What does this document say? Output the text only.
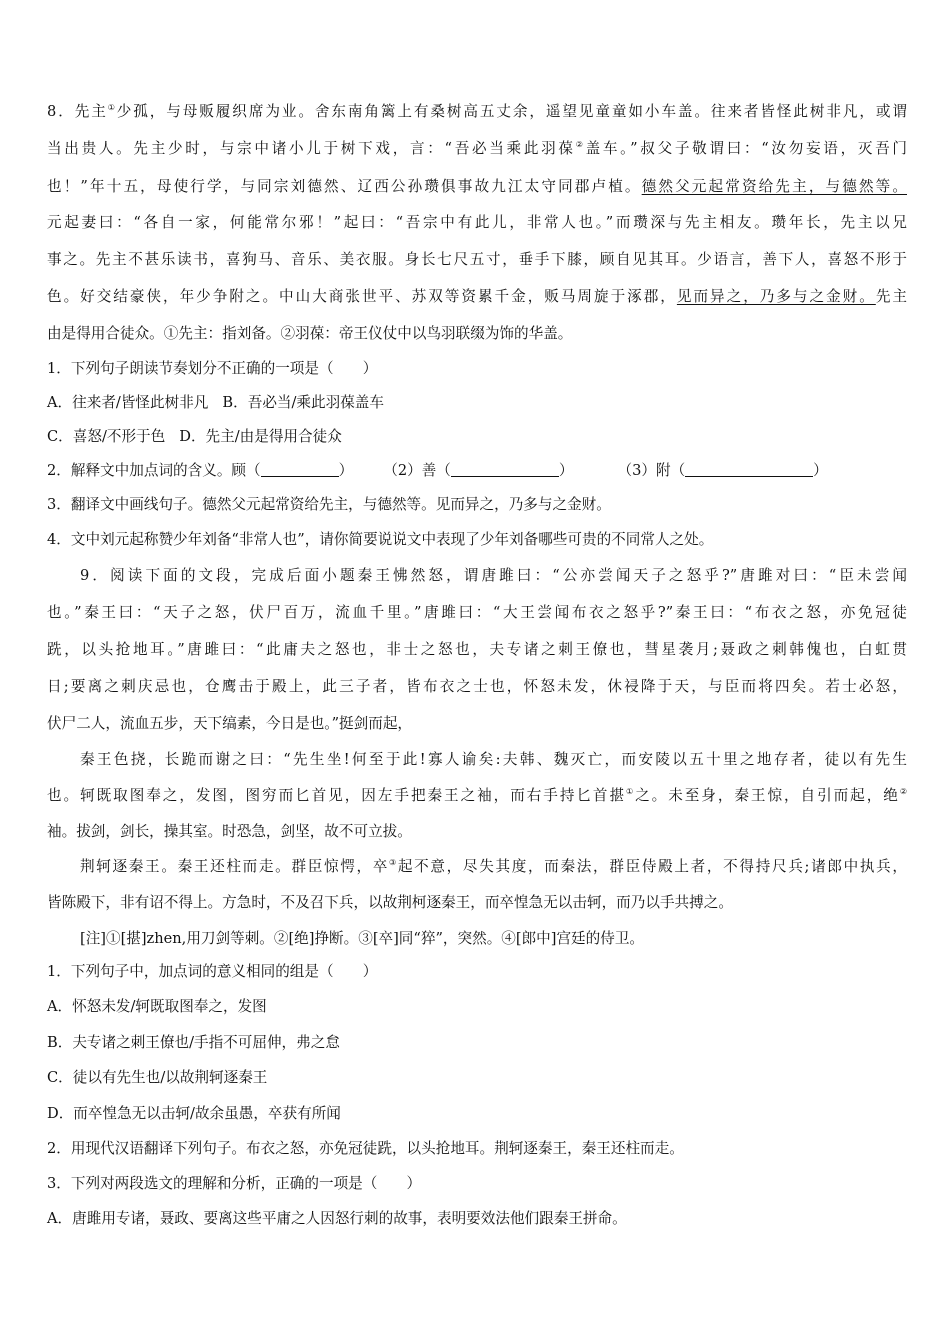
8．先主①少孤，与母贩履织席为业。舍东南角篱上有桑树高五丈余，遥望见童童如小车盖。往来者皆怪此树非凡，或谓
当出贵人。先主少时，与宗中诸小儿于树下戏，言：“吾必当乘此羽葆②盖车。”叔父子敬谓曰：“汝勿妄语，灭吾门
也！”年十五，母使行学，与同宗刘德然、辽西公孙瓒俱事故九江太守同郡卢植。德然父元起常资给先主，与德然等。
元起妻曰：“各自一家，何能常尔邪！”起曰：“吾宗中有此儿，非常人也。”而瓒深与先主相友。瓒年长，先主以兄
事之。先主不甚乐读书，喜狗马、音乐、美衣服。身长七尺五寸，垂手下膝，顾自见其耳。少语言，善下人，喜怒不形于
色。好交结豪侠，年少争附之。中山大商张世平、苏双等资累千金，贩马周旋于涿郡，见而异之，乃多与之金财。先主
由是得用合徒众。①先主：指刘备。②羽葆：帝王仪仗中以鸟羽联缀为饰的华盖。
1．下列句子朗读节奏划分不正确的一项是（　　）
A．往来者/皆怪此树非凡 B．吾必当/乘此羽葆盖车
C．喜怒/不形于色 D．先主/由是得用合徒众
2．解释文中加点词的含义。顾（	） （2）善（	）	（3）附（	）
3．翻译文中画线句子。德然父元起常资给先主，与德然等。见而异之，乃多与之金财。
4．文中刘元起称赞少年刘备“非常人也”，请你简要说说文中表现了少年刘备哪些可贵的不同常人之处。
9．阅读下面的文段，完成后面小题秦王怫然怒，谓唐雎曰：“公亦尝闻天子之怒乎?”唐雎对曰：“臣未尝闻
也。”秦王曰：“天子之怒，伏尸百万，流血千里。”唐雎曰：“大王尝闻布衣之怒乎?”秦王曰：“布衣之怒，亦免冠徒
跣，以头抢地耳。”唐雎曰：“此庸夫之怒也，非士之怒也，夫专诸之刺王僚也，彗星袭月;聂政之刺韩傀也，白虹贯
日;要离之刺庆忌也，仓鹰击于殿上，此三子者，皆布衣之士也，怀怒未发，休祲降于天，与臣而将四矣。若士必怒，
伏尸二人，流血五步，天下缟素，今日是也。”挺剑而起，
秦王色挠，长跪而谢之曰：“先生坐!何至于此!寡人谕矣:夫韩、魏灭亡，而安陵以五十里之地存者，徒以有先生
也。轲既取图奉之，发图，图穷而匕首见，因左手把秦王之袖，而右手持匕首揕①之。未至身，秦王惊，自引而起，绝②
袖。拔剑，剑长，操其室。时恐急，剑坚，故不可立拔。
荆轲逐秦王。秦王还柱而走。群臣惊愕，卒③起不意，尽失其度，而秦法，群臣侍殿上者，不得持尺兵;诸郎中执兵，
皆陈殿下，非有诏不得上。方急时，不及召下兵，以故荆柯逐秦王，而卒惶急无以击轲，而乃以手共搏之。
[注]①[揕]zhen,用刀剑等刺。②[绝]挣断。③[卒]同“猝”，突然。④[郎中]宫廷的侍卫。
1．下列句子中，加点词的意义相同的组是（　　）
A．怀怒未发/轲既取图奉之，发图
B．夫专诸之刺王僚也/手指不可屈伸，弗之怠
C．徒以有先生也/以故荆轲逐秦王
D．而卒惶急无以击轲/故余虽愚，卒获有所闻
2．用现代汉语翻译下列句子。布衣之怒，亦免冠徒跣，以头抢地耳。荆轲逐秦王，秦王还柱而走。
3．下列对两段选文的理解和分析，正确的一项是（　　）
A．唐雎用专诸，聂政、要离这些平庸之人因怒行刺的故事，表明要效法他们跟秦王拼命。
